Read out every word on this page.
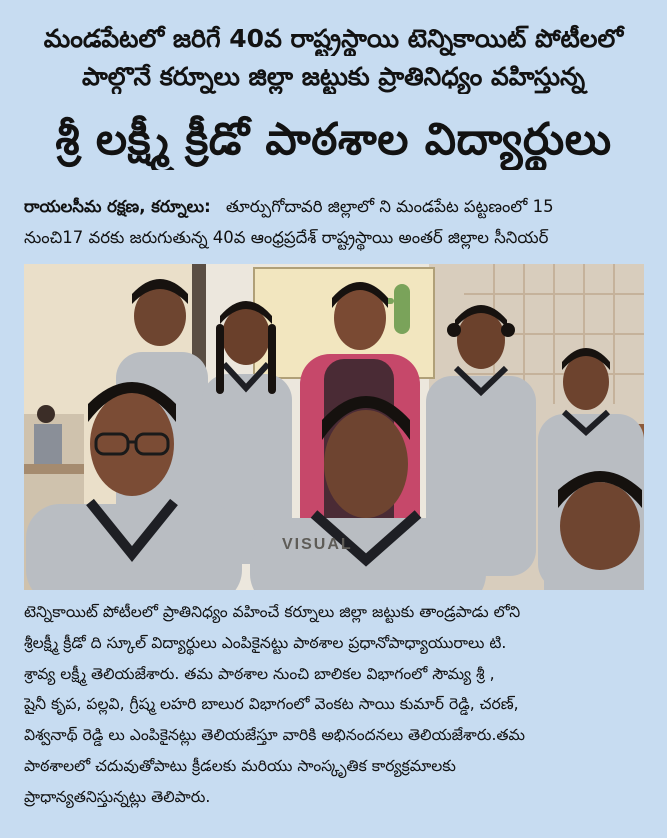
మండపేటలో జరిగే 40వ రాష్ట్రస్థాయి టెన్నికాయిట్ పోటీలలో
పాల్గొనే కర్నూలు జిల్లా జట్టుకు ప్రాతినిధ్యం వహిస్తున్న
శ్రీ లక్ష్మీ క్రీడో పాఠశాల విద్యార్థులు
రాయలసీమ రక్షణ, కర్నూలు: తూర్పుగోదావరి జిల్లాలో ని మండపేట పట్టణంలో 15
నుంచి17 వరకు జరుగుతున్న 40వ ఆంధ్రప్రదేశ్ రాష్ట్రస్థాయి అంతర్ జిల్లాల సీనియర్
VISUAL
టెన్నికాయిట్ పోటీలలో ప్రాతినిధ్యం వహించే కర్నూలు జిల్లా జట్టుకు తాండ్రపాడు లోని
శ్రీలక్ష్మీ క్రీడో ది స్కూల్ విద్యార్థులు ఎంపికైనట్టు పాఠశాల ప్రధానోపాధ్యాయురాలు టి.
శ్రావ్య లక్ష్మీ తెలియజేశారు. తమ పాఠశాల నుంచి బాలికల విభాగంలో సౌమ్య శ్రీ ,
షైనీ కృప, పల్లవి, గ్రీష్మ లహరి బాలుర విభాగంలో వెంకట సాయి కుమార్ రెడ్డి, చరణ్,
విశ్వనాథ్ రెడ్డి లు ఎంపికైనట్లు తెలియజేస్తూ వారికి అభినందనలు తెలియజేశారు.తమ
పాఠశాలలో చదువుతోపాటు క్రీడలకు మరియు సాంస్కృతిక కార్యక్రమాలకు
ప్రాధాన్యతనిస్తున్నట్లు తెలిపారు.
